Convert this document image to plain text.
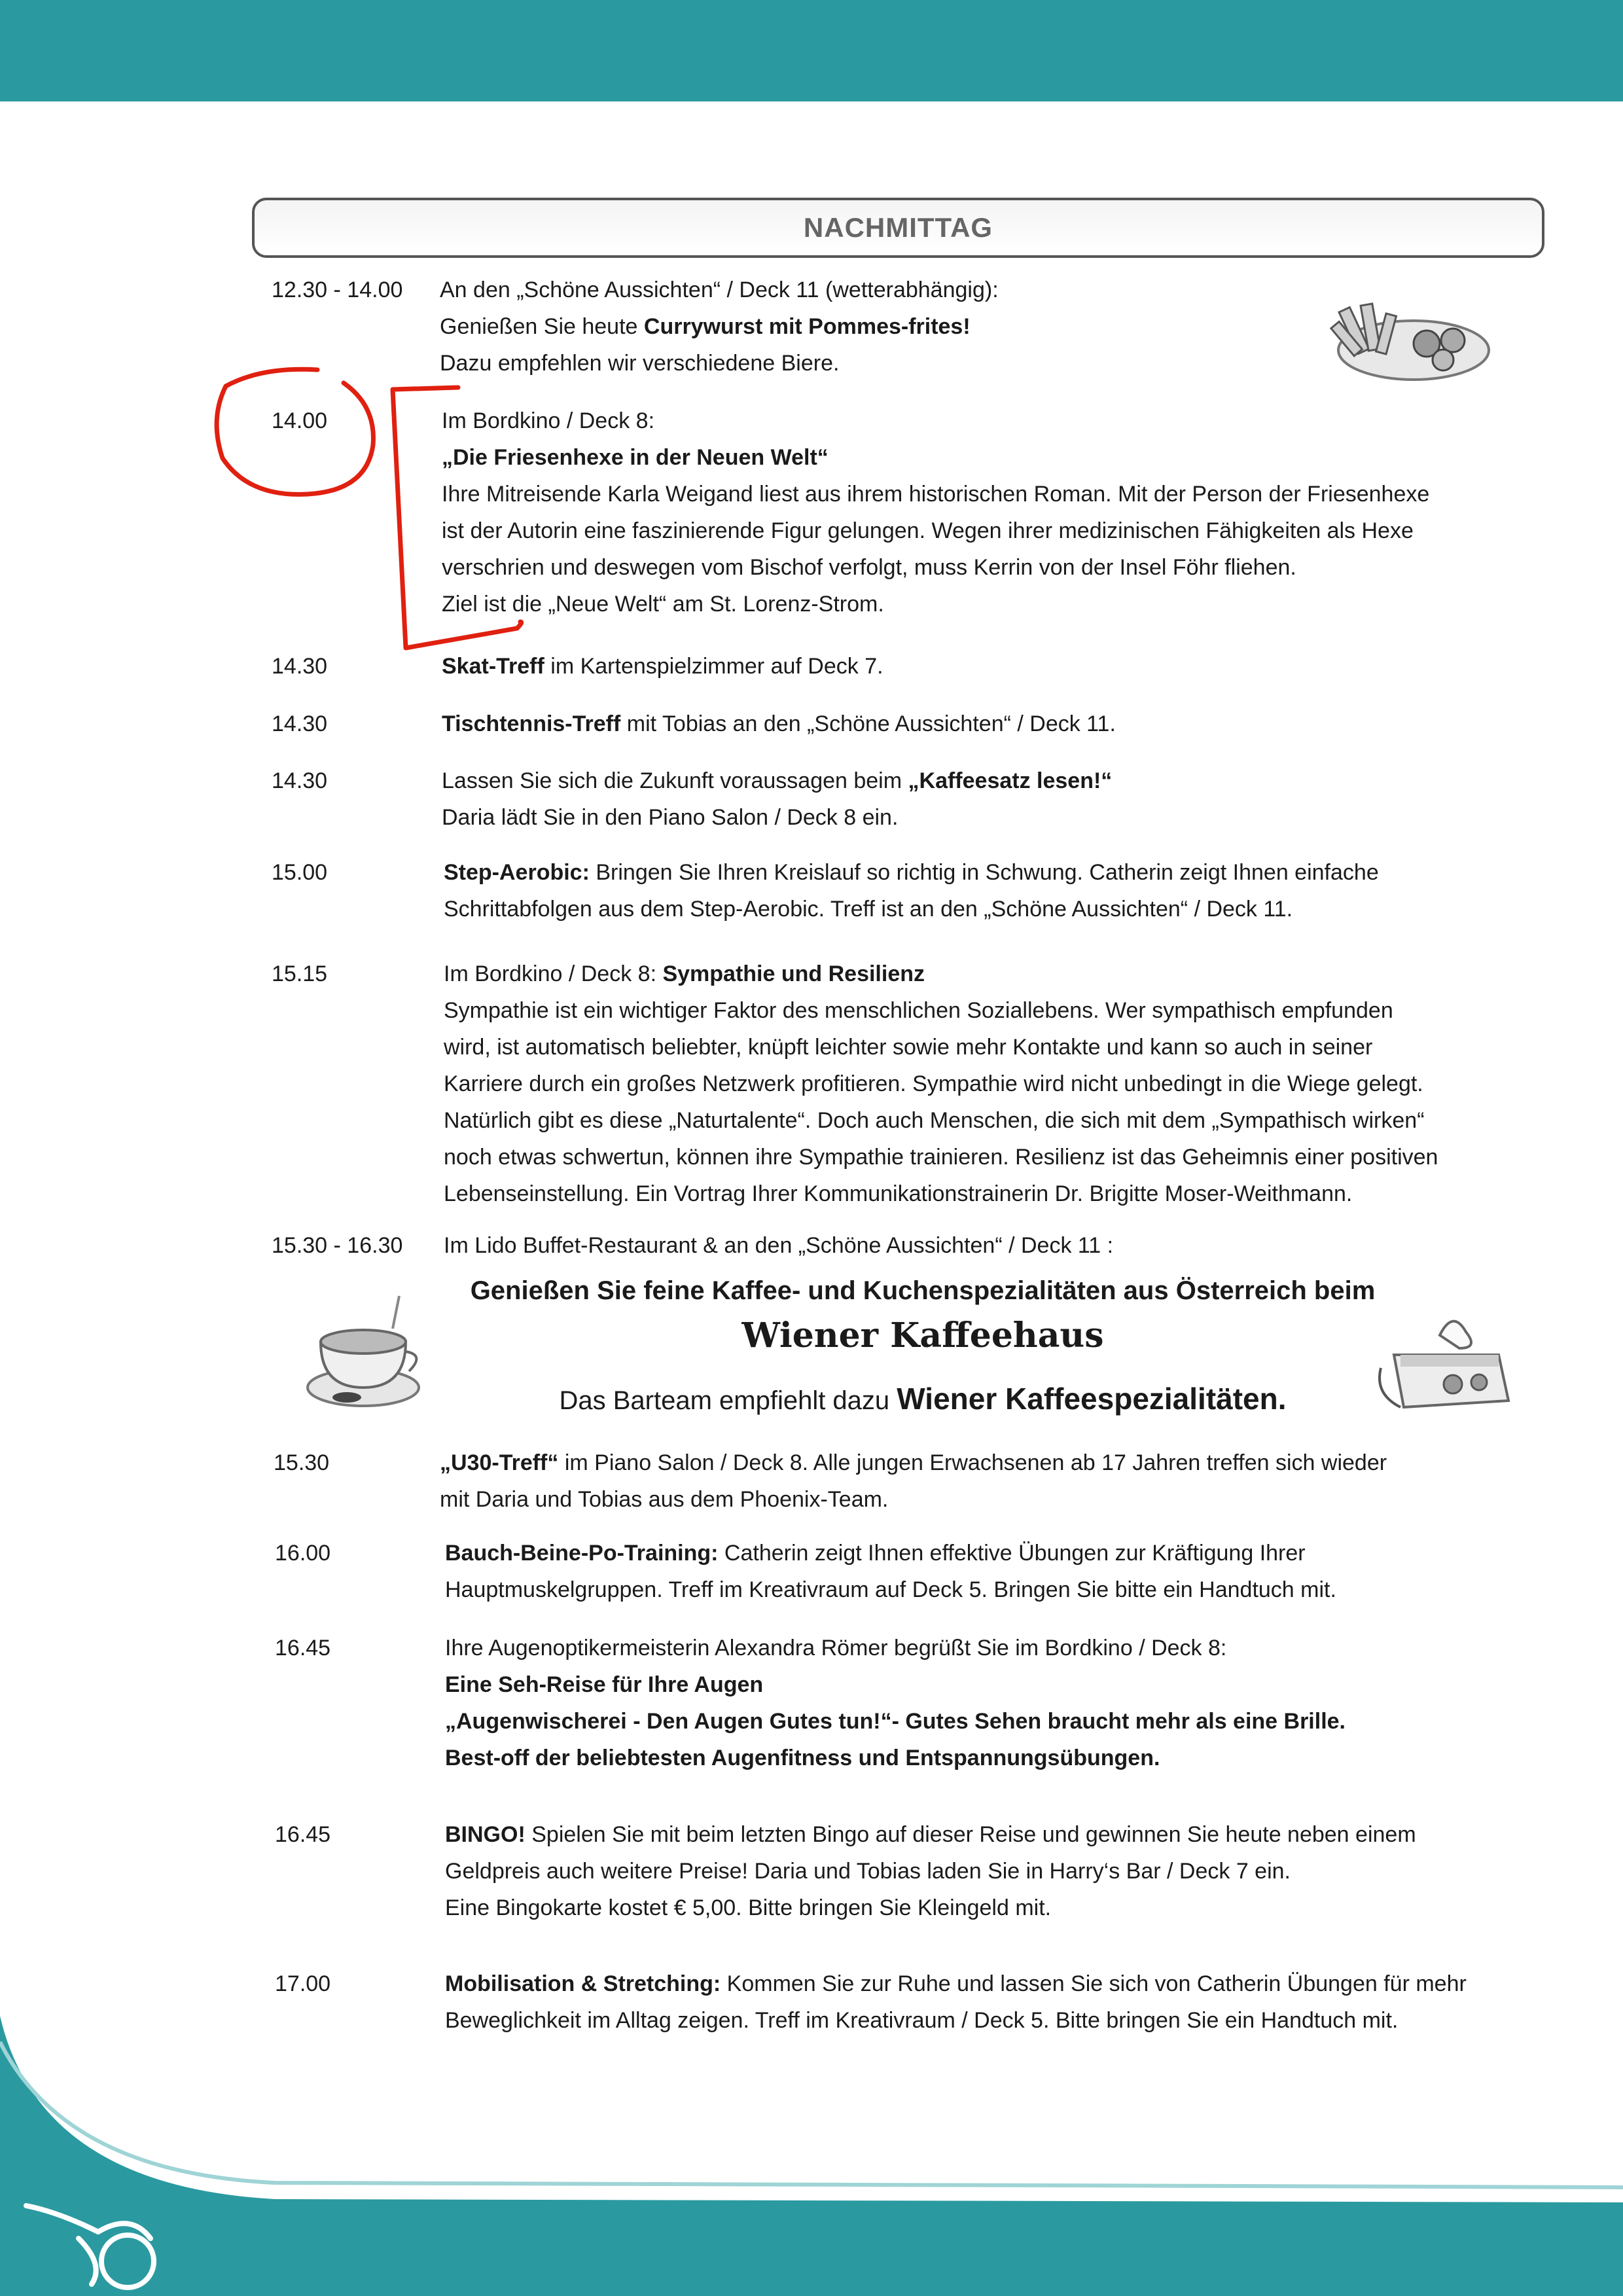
NACHMITTAG
12.30 - 14.00 An den „Schöne Aussichten“ / Deck 11 (wetterabhängig):
Genießen Sie heute Currywurst mit Pommes-frites!
Dazu empfehlen wir verschiedene Biere.
14.00	Im Bordkino / Deck 8:
„Die Friesenhexe in der Neuen Welt“
Ihre Mitreisende Karla Weigand liest aus ihrem historischen Roman. Mit der Person der Friesenhexe
ist der Autorin eine faszinierende Figur gelungen. Wegen ihrer medizinischen Fähigkeiten als Hexe
verschrien und deswegen vom Bischof verfolgt, muss Kerrin von der Insel Föhr fliehen.
Ziel ist die „Neue Welt“ am St. Lorenz-Strom.
14.30	Skat-Treff im Kartenspielzimmer auf Deck 7.
14.30	Tischtennis-Treff mit Tobias an den „Schöne Aussichten“ / Deck 11.
14.30	Lassen Sie sich die Zukunft voraussagen beim „Kaffeesatz lesen!“
Daria lädt Sie in den Piano Salon / Deck 8 ein.
15.00	Step-Aerobic: Bringen Sie Ihren Kreislauf so richtig in Schwung. Catherin zeigt Ihnen einfache
Schrittabfolgen aus dem Step-Aerobic. Treff ist an den „Schöne Aussichten“ / Deck 11.
15.15	Im Bordkino / Deck 8: Sympathie und Resilienz
Sympathie ist ein wichtiger Faktor des menschlichen Soziallebens. Wer sympathisch empfunden
wird, ist automatisch beliebter, knüpft leichter sowie mehr Kontakte und kann so auch in seiner
Karriere durch ein großes Netzwerk profitieren. Sympathie wird nicht unbedingt in die Wiege gelegt.
Natürlich gibt es diese „Naturtalente“. Doch auch Menschen, die sich mit dem „Sympathisch wirken“
noch etwas schwertun, können ihre Sympathie trainieren. Resilienz ist das Geheimnis einer positiven
Lebenseinstellung. Ein Vortrag Ihrer Kommunikationstrainerin Dr. Brigitte Moser-Weithmann.
15.30 - 16.30 Im Lido Buffet-Restaurant & an den „Schöne Aussichten“ / Deck 11 :
15.30	„U30-Treff“ im Piano Salon / Deck 8. Alle jungen Erwachsenen ab 17 Jahren treffen sich wieder
mit Daria und Tobias aus dem Phoenix-Team.
16.00	Bauch-Beine-Po-Training: Catherin zeigt Ihnen effektive Übungen zur Kräftigung Ihrer
Hauptmuskelgruppen. Treff im Kreativraum auf Deck 5. Bringen Sie bitte ein Handtuch mit.
16.45	Ihre Augenoptikermeisterin Alexandra Römer begrüßt Sie im Bordkino / Deck 8:
Eine Seh-Reise für Ihre Augen
„Augenwischerei - Den Augen Gutes tun!“- Gutes Sehen braucht mehr als eine Brille.
Best-off der beliebtesten Augenfitness und Entspannungsübungen.
16.45	BINGO! Spielen Sie mit beim letzten Bingo auf dieser Reise und gewinnen Sie heute neben einem
Geldpreis auch weitere Preise! Daria und Tobias laden Sie in Harry‘s Bar / Deck 7 ein.
Eine Bingokarte kostet € 5,00. Bitte bringen Sie Kleingeld mit.
17.00	Mobilisation & Stretching: Kommen Sie zur Ruhe und lassen Sie sich von Catherin Übungen für mehr
Beweglichkeit im Alltag zeigen. Treff im Kreativraum / Deck 5. Bitte bringen Sie ein Handtuch mit.
Genießen Sie feine Kaffee- und Kuchenspezialitäten aus Österreich beim
Wiener Kaffeehaus
Das Barteam empfiehlt dazu Wiener Kaffeespezialitäten.
